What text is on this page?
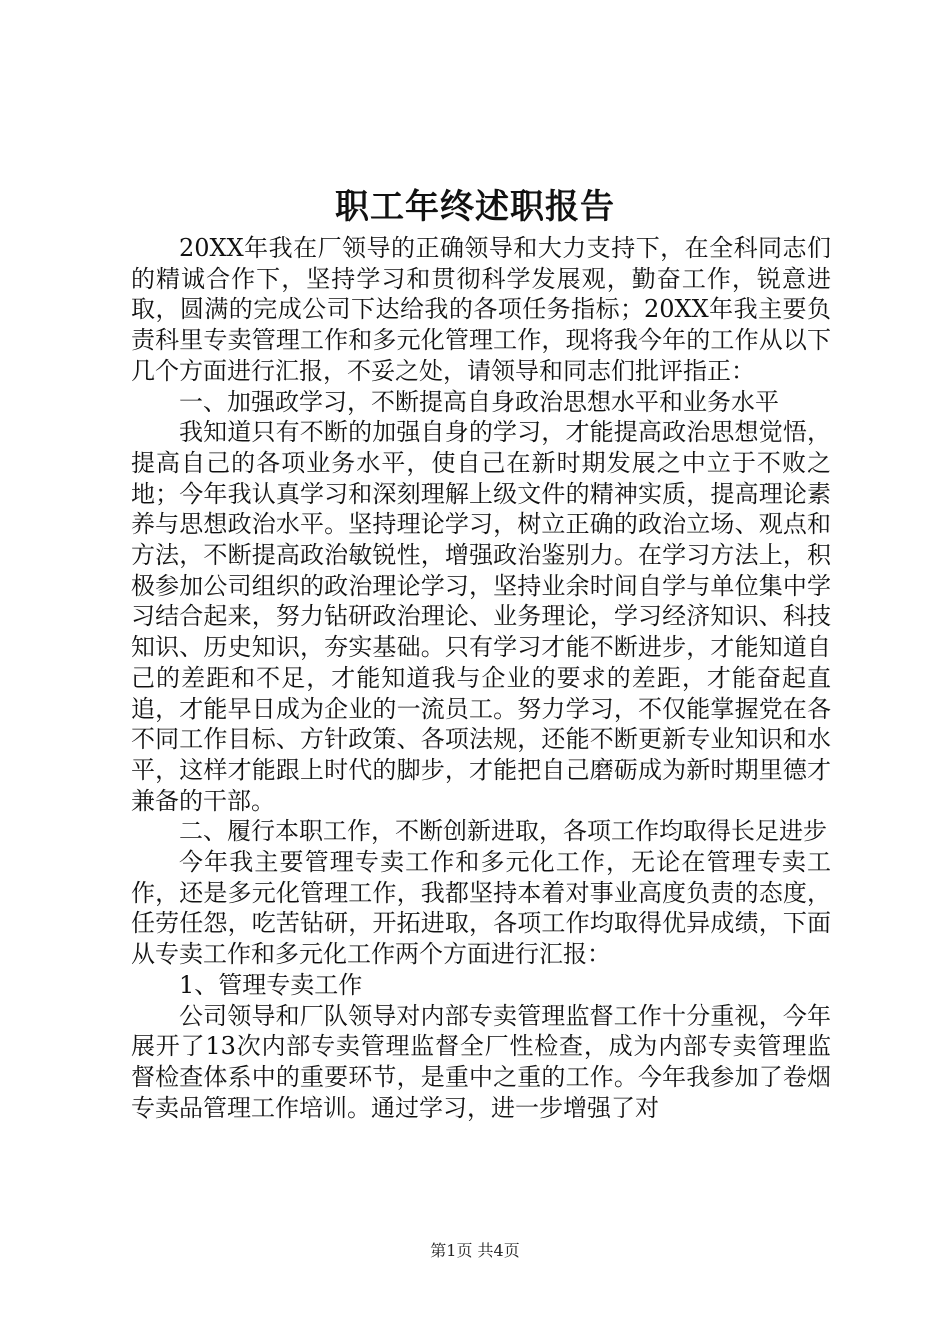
职工年终述职报告

20XX年我在厂领导的正确领导和大力支持下，在全科同志们的精诚合作下，坚持学习和贯彻科学发展观，勤奋工作，锐意进取，圆满的完成公司下达给我的各项任务指标；20XX年我主要负责科里专卖管理工作和多元化管理工作，现将我今年的工作从以下几个方面进行汇报，不妥之处，请领导和同志们批评指正：

一、加强政学习，不断提高自身政治思想水平和业务水平

我知道只有不断的加强自身的学习，才能提高政治思想觉悟，提高自己的各项业务水平，使自己在新时期发展之中立于不败之地；今年我认真学习和深刻理解上级文件的精神实质，提高理论素养与思想政治水平。坚持理论学习，树立正确的政治立场、观点和方法，不断提高政治敏锐性，增强政治鉴别力。在学习方法上，积极参加公司组织的政治理论学习，坚持业余时间自学与单位集中学习结合起来，努力钻研政治理论、业务理论，学习经济知识、科技知识、历史知识，夯实基础。只有学习才能不断进步，才能知道自己的差距和不足，才能知道我与企业的要求的差距，才能奋起直追，才能早日成为企业的一流员工。努力学习，不仅能掌握党在各不同工作目标、方针政策、各项法规，还能不断更新专业知识和水平，这样才能跟上时代的脚步，才能把自己磨砺成为新时期里德才兼备的干部。

二、履行本职工作，不断创新进取，各项工作均取得长足进步

今年我主要管理专卖工作和多元化工作，无论在管理专卖工作，还是多元化管理工作，我都坚持本着对事业高度负责的态度，任劳任怨，吃苦钻研，开拓进取，各项工作均取得优异成绩，下面从专卖工作和多元化工作两个方面进行汇报：

1、管理专卖工作

公司领导和厂队领导对内部专卖管理监督工作十分重视，今年展开了13次内部专卖管理监督全厂性检查，成为内部专卖管理监督检查体系中的重要环节，是重中之重的工作。今年我参加了卷烟专卖品管理工作培训。通过学习，进一步增强了对

第1页 共4页
